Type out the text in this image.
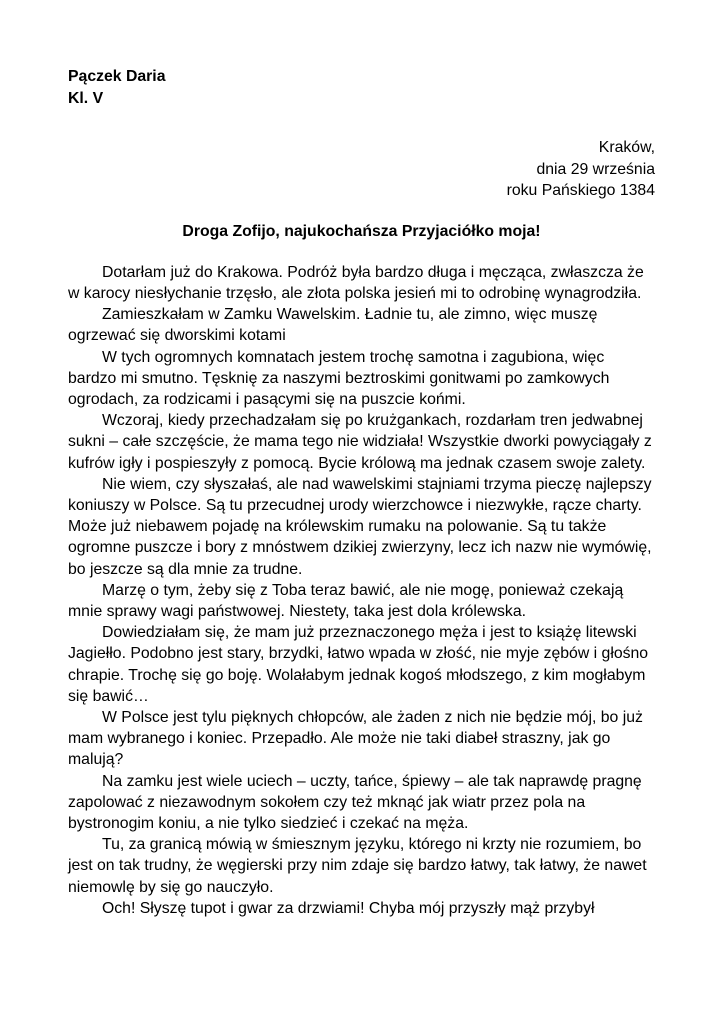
Pączek Daria
Kl. V
Kraków,
dnia 29 września
roku Pańskiego 1384
Droga Zofijo, najukochańsza Przyjaciółko moja!

Dotarłam już do Krakowa. Podróż była bardzo długa i męcząca, zwłaszcza że w karocy niesłychanie trzęsło, ale złota polska jesień mi to odrobinę wynagrodziła.

Zamieszkałam w Zamku Wawelskim. Ładnie tu, ale zimno, więc muszę ogrzewać się dworskimi kotami

W tych ogromnych komnatach jestem trochę samotna i zagubiona, więc bardzo mi smutno. Tęsknię za naszymi beztroskimi gonitwami po zamkowych ogrodach, za rodzicami i pasącymi się na puszcie końmi.

Wczoraj, kiedy przechadzałam się po krużgankach, rozdarłam tren jedwabnej sukni – całe szczęście, że mama tego nie widziała! Wszystkie dworki powyciągały z kufrów igły i pospieszyły z pomocą. Bycie królową ma jednak czasem swoje zalety.

Nie wiem, czy słyszałaś, ale nad wawelskimi stajniami trzyma pieczę najlepszy koniuszy w Polsce. Są tu przecudnej urody wierzchowce i niezwykłe, rącze charty. Może już niebawem pojadę na królewskim rumaku na polowanie. Są tu także ogromne puszcze i bory z mnóstwem dzikiej zwierzyny, lecz ich nazw nie wymówię, bo jeszcze są dla mnie za trudne.

Marzę o tym, żeby się z Toba teraz bawić, ale nie mogę, ponieważ czekają mnie sprawy wagi państwowej. Niestety, taka jest dola królewska.

Dowiedziałam się, że mam już przeznaczonego męża i jest to książę litewski Jagiełło. Podobno jest stary, brzydki, łatwo wpada w złość, nie myje zębów i głośno chrapie. Trochę się go boję. Wolałabym jednak kogoś młodszego, z kim mogłabym się bawić…

W Polsce jest tylu pięknych chłopców, ale żaden z nich nie będzie mój, bo już mam wybranego i koniec. Przepadło. Ale może nie taki diabeł straszny, jak go malują?

Na zamku jest wiele uciech – uczty, tańce, śpiewy – ale tak naprawdę pragnę zapolować z niezawodnym sokołem czy też mknąć jak wiatr przez pola na bystronogim koniu, a nie tylko siedzieć i czekać na męża.

Tu, za granicą mówią w śmiesznym języku, którego ni krzty nie rozumiem, bo jest on tak trudny, że węgierski przy nim zdaje się bardzo łatwy, tak łatwy, że nawet niemowlę by się go nauczyło.

Och! Słyszę tupot i gwar za drzwiami! Chyba mój przyszły mąż przybył
